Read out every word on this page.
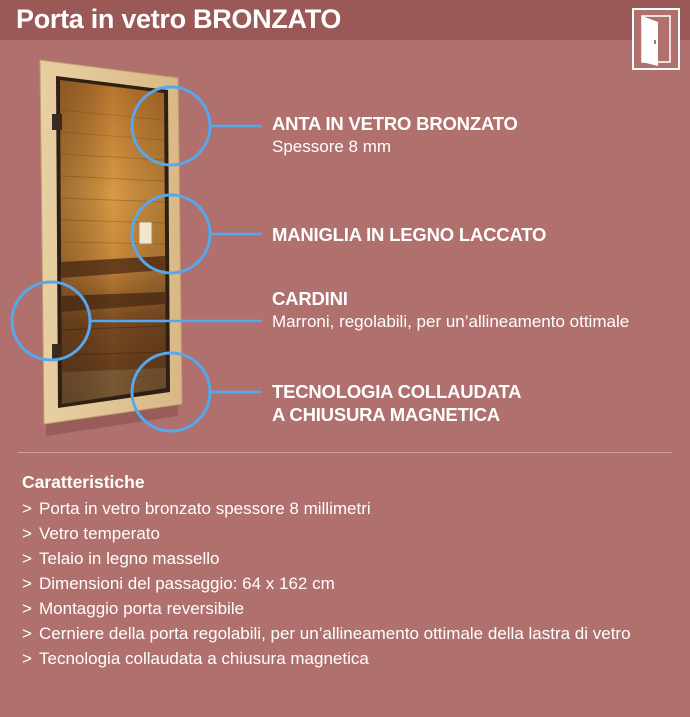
Porta in vetro BRONZATO
ANTA IN VETRO BRONZATO
Spessore 8 mm
MANIGLIA IN LEGNO LACCATO
CARDINI
Marroni, regolabili, per un’allineamento ottimale
TECNOLOGIA COLLAUDATA
A CHIUSURA MAGNETICA
Caratteristiche
> Porta in vetro bronzato spessore 8 millimetri
> Vetro temperato
> Telaio in legno massello
> Dimensioni del passaggio: 64 x 162 cm
> Montaggio porta reversibile
> Cerniere della porta regolabili, per un’allineamento ottimale della lastra di vetro
> Tecnologia collaudata a chiusura magnetica
